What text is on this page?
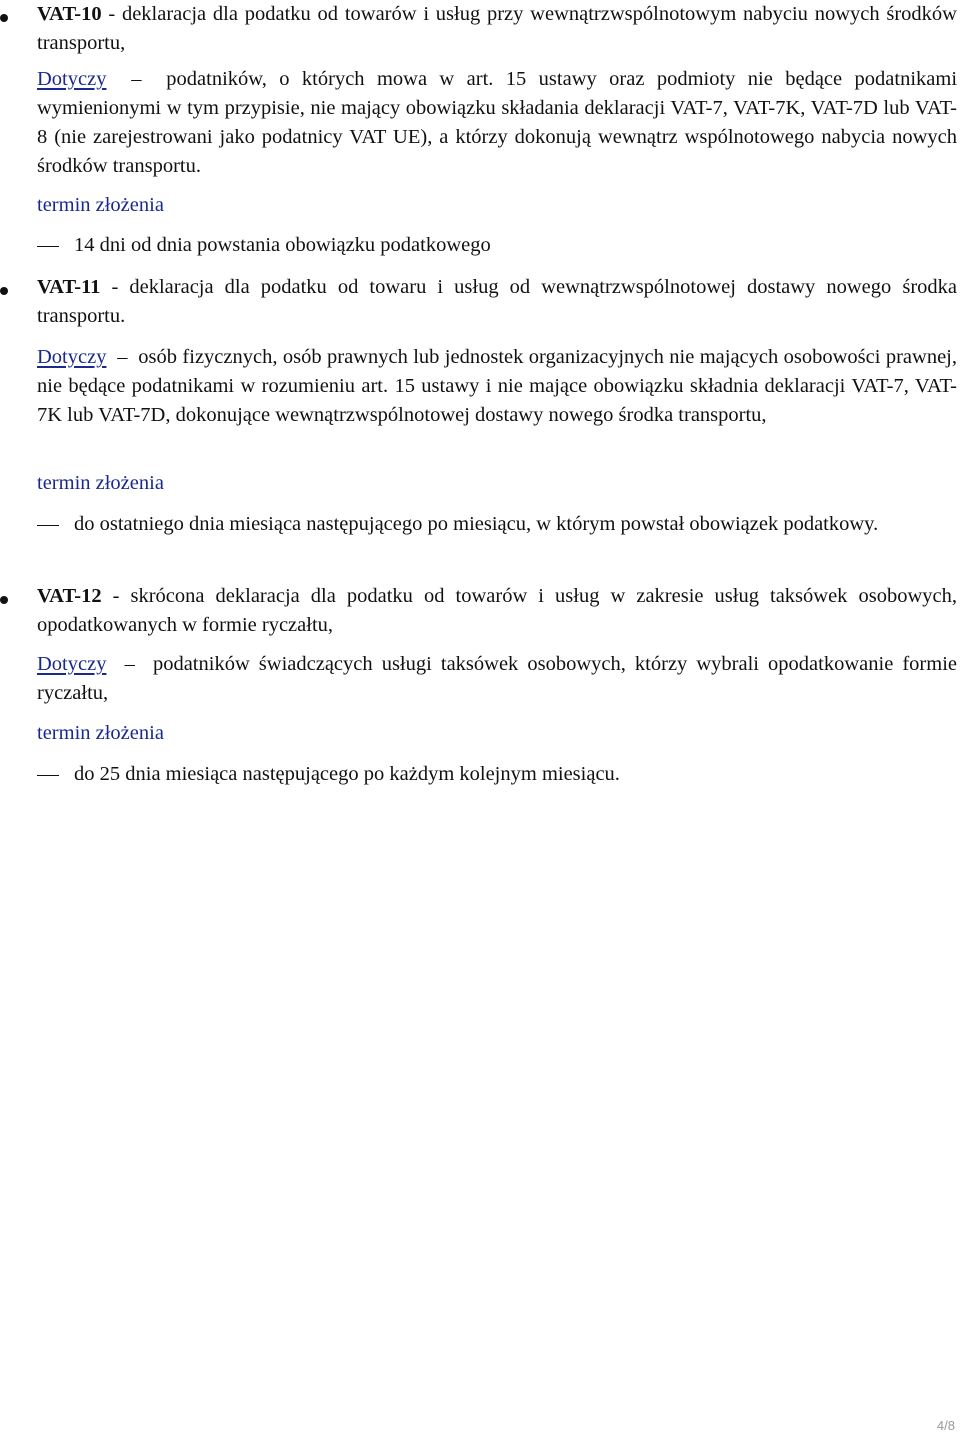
VAT-10 - deklaracja dla podatku od towarów i usług przy wewnątrzwspólnotowym nabyciu nowych środków transportu,
Dotyczy  –  podatników, o których mowa w art. 15 ustawy oraz podmioty nie będące podatnikami wymienionymi w tym przypisie, nie mający obowiązku składania deklaracji VAT-7, VAT-7K, VAT-7D lub VAT-8 (nie zarejestrowani jako podatnicy VAT UE), a którzy dokonują wewnątrz wspólnotowego nabycia nowych środków transportu.
termin złożenia
14 dni od dnia powstania obowiązku podatkowego
VAT-11 - deklaracja dla podatku od towaru i usług od wewnątrzwspólnotowej dostawy nowego środka transportu.
Dotyczy  –  osób fizycznych, osób prawnych lub jednostek organizacyjnych nie mających osobowości prawnej, nie będące podatnikami w rozumieniu art. 15 ustawy i nie mające obowiązku składnia deklaracji VAT-7, VAT-7K lub VAT-7D, dokonujące wewnątrzwspólnotowej dostawy nowego środka transportu,
termin złożenia
do ostatniego dnia miesiąca następującego po miesiącu, w którym powstał obowiązek podatkowy.
VAT-12 - skrócona deklaracja dla podatku od towarów i usług w zakresie usług taksówek osobowych, opodatkowanych w formie ryczałtu,
Dotyczy  –  podatników świadczących usługi taksówek osobowych, którzy wybrali opodatkowanie formie ryczałtu,
termin złożenia
do 25 dnia miesiąca następującego po każdym kolejnym miesiącu.
4/8
